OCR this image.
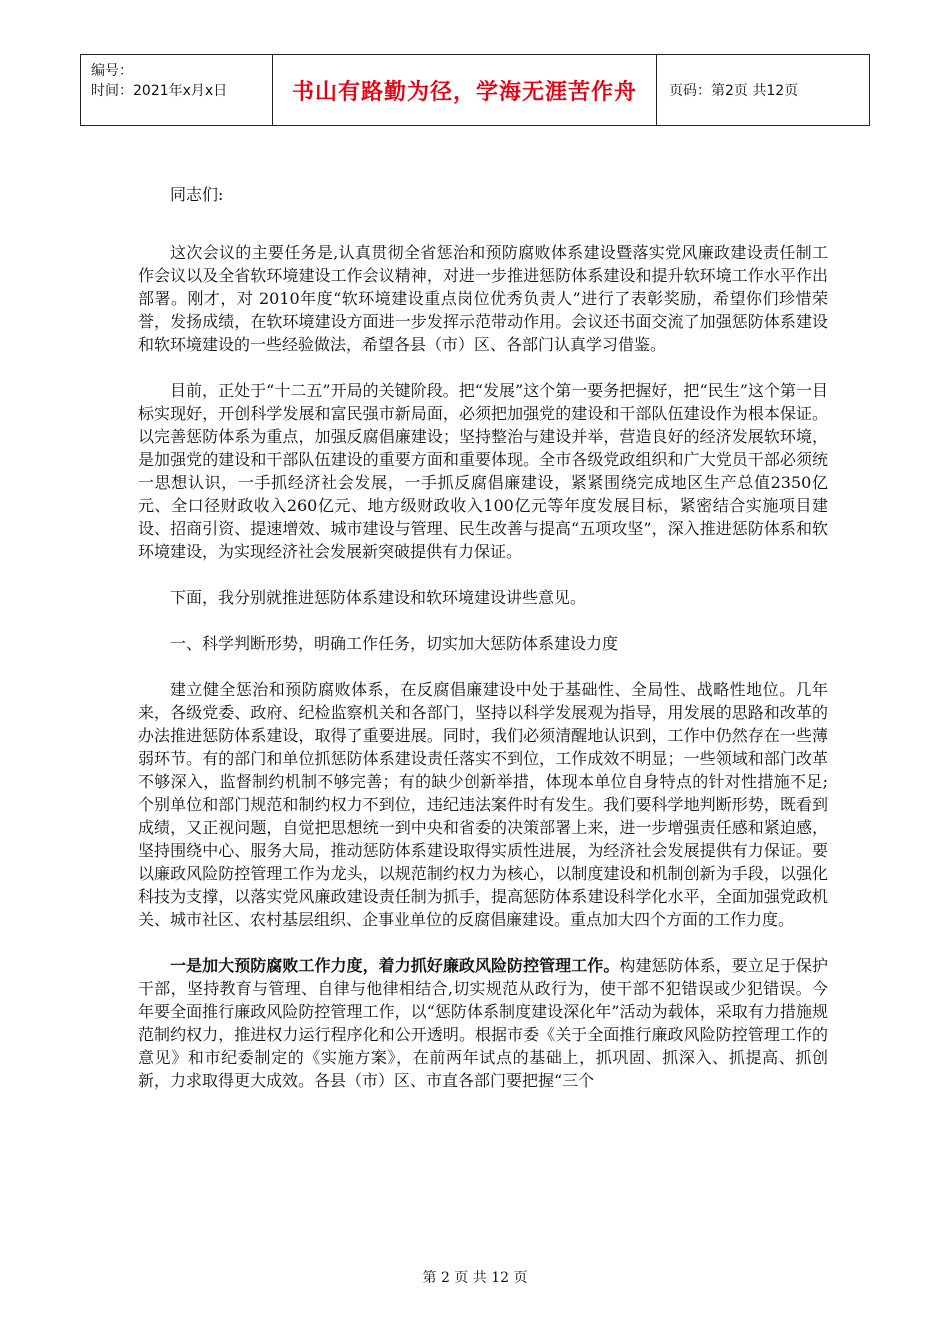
编号：
时间：2021年x月x日	书山有路勤为径，学海无涯苦作舟	页码：第2页 共12页

同志们:

这次会议的主要任务是,认真贯彻全省惩治和预防腐败体系建设暨落实党风廉政建设责任制工作会议以及全省软环境建设工作会议精神，对进一步推进惩防体系建设和提升软环境工作水平作出部署。刚才，对 2010年度“软环境建设重点岗位优秀负责人”进行了表彰奖励，希望你们珍惜荣誉，发扬成绩，在软环境建设方面进一步发挥示范带动作用。会议还书面交流了加强惩防体系建设和软环境建设的一些经验做法，希望各县（市）区、各部门认真学习借鉴。

目前，正处于“十二五”开局的关键阶段。把“发展”这个第一要务把握好，把“民生”这个第一目标实现好，开创科学发展和富民强市新局面，必须把加强党的建设和干部队伍建设作为根本保证。以完善惩防体系为重点，加强反腐倡廉建设；坚持整治与建设并举，营造良好的经济发展软环境，是加强党的建设和干部队伍建设的重要方面和重要体现。全市各级党政组织和广大党员干部必须统一思想认识，一手抓经济社会发展，一手抓反腐倡廉建设，紧紧围绕完成地区生产总值2350亿元、全口径财政收入260亿元、地方级财政收入100亿元等年度发展目标，紧密结合实施项目建设、招商引资、提速增效、城市建设与管理、民生改善与提高“五项攻坚”，深入推进惩防体系和软环境建设，为实现经济社会发展新突破提供有力保证。

下面，我分别就推进惩防体系建设和软环境建设讲些意见。

一、科学判断形势，明确工作任务，切实加大惩防体系建设力度

建立健全惩治和预防腐败体系，在反腐倡廉建设中处于基础性、全局性、战略性地位。几年来，各级党委、政府、纪检监察机关和各部门，坚持以科学发展观为指导，用发展的思路和改革的办法推进惩防体系建设，取得了重要进展。同时，我们必须清醒地认识到，工作中仍然存在一些薄弱环节。有的部门和单位抓惩防体系建设责任落实不到位，工作成效不明显；一些领域和部门改革不够深入，监督制约机制不够完善；有的缺少创新举措，体现本单位自身特点的针对性措施不足;个别单位和部门规范和制约权力不到位，违纪违法案件时有发生。我们要科学地判断形势，既看到成绩，又正视问题，自觉把思想统一到中央和省委的决策部署上来，进一步增强责任感和紧迫感，坚持围绕中心、服务大局，推动惩防体系建设取得实质性进展，为经济社会发展提供有力保证。要以廉政风险防控管理工作为龙头，以规范制约权力为核心，以制度建设和机制创新为手段，以强化科技为支撑，以落实党风廉政建设责任制为抓手，提高惩防体系建设科学化水平，全面加强党政机关、城市社区、农村基层组织、企事业单位的反腐倡廉建设。重点加大四个方面的工作力度。

一是加大预防腐败工作力度，着力抓好廉政风险防控管理工作。构建惩防体系，要立足于保护干部，坚持教育与管理、自律与他律相结合,切实规范从政行为，使干部不犯错误或少犯错误。今年要全面推行廉政风险防控管理工作，以“惩防体系制度建设深化年”活动为载体，采取有力措施规范制约权力，推进权力运行程序化和公开透明。根据市委《关于全面推行廉政风险防控管理工作的意见》和市纪委制定的《实施方案》，在前两年试点的基础上，抓巩固、抓深入、抓提高、抓创新，力求取得更大成效。各县（市）区、市直各部门要把握“三个

第 2 页 共 12 页
